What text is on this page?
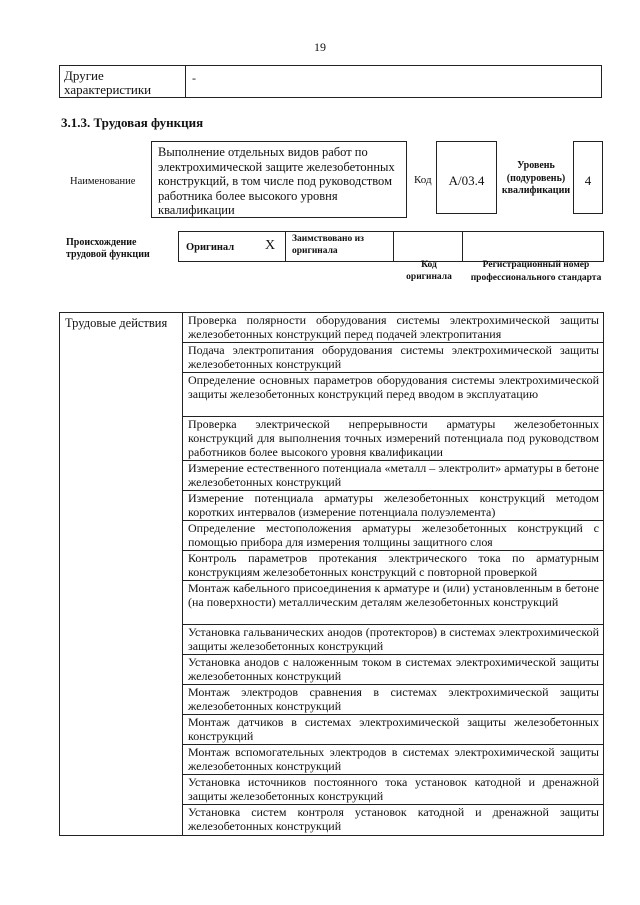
19
Другие характеристики
-
3.1.3. Трудовая функция
Наименование
Выполнение отдельных видов работ по электрохимической защите железобетонных конструкций, в том числе под руководством работника более высокого уровня квалификации
Код	A/03.4
Уровень (подуровень) квалификации
4
Происхождение
трудовой функции
Оригинал X Заимствовано из оригинала
Код оригинала
Регистрационный номер профессионального стандарта
Трудовые действия	Проверка полярности оборудования системы электрохимической защиты железобетонных конструкций перед подачей электропитания
Подача электропитания оборудования системы электрохимической защиты железобетонных конструкций
Определение основных параметров оборудования системы электрохимической защиты железобетонных конструкций перед вводом в эксплуатацию
Проверка электрической непрерывности арматуры железобетонных конструкций для выполнения точных измерений потенциала под руководством работников более высокого уровня квалификации
Измерение естественного потенциала «металл – электролит» арматуры в бетоне железобетонных конструкций
Измерение потенциала арматуры железобетонных конструкций методом коротких интервалов (измерение потенциала полуэлемента)
Определение местоположения арматуры железобетонных конструкций с помощью прибора для измерения толщины защитного слоя
Контроль параметров протекания электрического тока по арматурным конструкциям железобетонных конструкций с повторной проверкой
Монтаж кабельного присоединения к арматуре и (или) установленным в бетоне (на поверхности) металлическим деталям железобетонных конструкций
Установка гальванических анодов (протекторов) в системах электрохимической защиты железобетонных конструкций
Установка анодов с наложенным током в системах электрохимической защиты железобетонных конструкций
Монтаж электродов сравнения в системах электрохимической защиты железобетонных конструкций
Монтаж датчиков в системах электрохимической защиты железобетонных конструкций
Монтаж вспомогательных электродов в системах электрохимической защиты железобетонных конструкций
Установка источников постоянного тока установок катодной и дренажной защиты железобетонных конструкций
Установка систем контроля установок катодной и дренажной защиты железобетонных конструкций
